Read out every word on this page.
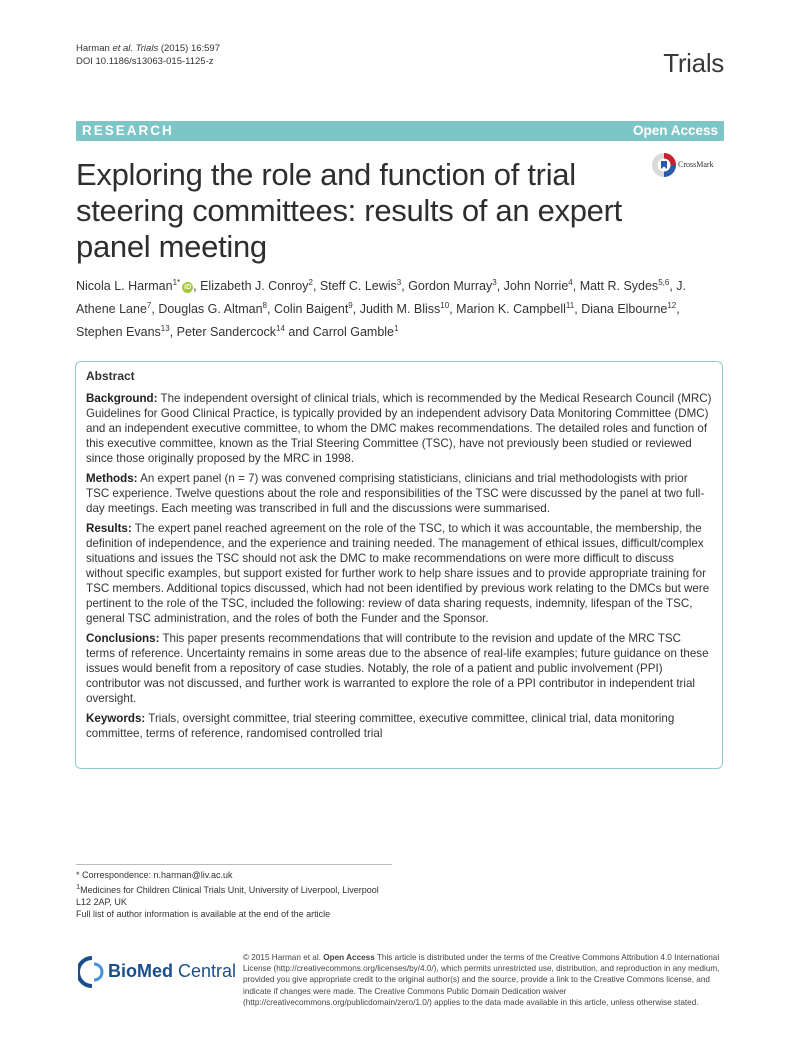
Harman et al. Trials (2015) 16:597
DOI 10.1186/s13063-015-1125-z	Trials
RESEARCH	Open Access
Exploring the role and function of trial steering committees: results of an expert panel meeting
CrossMark
Nicola L. Harman$^{1*}$iD , Elizabeth J. Conroy$^2$, Steff C. Lewis$^3$, Gordon Murray$^3$, John Norrie$^4$, Matt R. Sydes$^{5,6}$, J. Athene Lane$^7$, Douglas G. Altman$^8$, Colin Baigent$^9$, Judith M. Bliss$^{10}$, Marion K. Campbell$^{11}$, Diana Elbourne$^{12}$, Stephen Evans$^{13}$, Peter Sandercock$^{14}$ and Carrol Gamble$^1$
Abstract

Background: The independent oversight of clinical trials, which is recommended by the Medical Research Council (MRC) Guidelines for Good Clinical Practice, is typically provided by an independent advisory Data Monitoring Committee (DMC) and an independent executive committee, to whom the DMC makes recommendations. The detailed roles and function of this executive committee, known as the Trial Steering Committee (TSC), have not previously been studied or reviewed since those originally proposed by the MRC in 1998.

Methods: An expert panel (n = 7) was convened comprising statisticians, clinicians and trial methodologists with prior TSC experience. Twelve questions about the role and responsibilities of the TSC were discussed by the panel at two full-day meetings. Each meeting was transcribed in full and the discussions were summarised.

Results: The expert panel reached agreement on the role of the TSC, to which it was accountable, the membership, the definition of independence, and the experience and training needed. The management of ethical issues, difficult/complex situations and issues the TSC should not ask the DMC to make recommendations on were more difficult to discuss without specific examples, but support existed for further work to help share issues and to provide appropriate training for TSC members. Additional topics discussed, which had not been identified by previous work relating to the DMCs but were pertinent to the role of the TSC, included the following: review of data sharing requests, indemnity, lifespan of the TSC, general TSC administration, and the roles of both the Funder and the Sponsor.

Conclusions: This paper presents recommendations that will contribute to the revision and update of the MRC TSC terms of reference. Uncertainty remains in some areas due to the absence of real-life examples; future guidance on these issues would benefit from a repository of case studies. Notably, the role of a patient and public involvement (PPI) contributor was not discussed, and further work is warranted to explore the role of a PPI contributor in independent trial oversight.

Keywords: Trials, oversight committee, trial steering committee, executive committee, clinical trial, data monitoring committee, terms of reference, randomised controlled trial

* Correspondence: n.harman@liv.ac.uk
$^1$Medicines for Children Clinical Trials Unit, University of Liverpool, Liverpool L12 2AP, UK
Full list of author information is available at the end of the article
BioMed Central
© 2015 Harman et al. Open Access This article is distributed under the terms of the Creative Commons Attribution 4.0 International License (http://creativecommons.org/licenses/by/4.0/), which permits unrestricted use, distribution, and reproduction in any medium, provided you give appropriate credit to the original author(s) and the source, provide a link to the Creative Commons license, and indicate if changes were made. The Creative Commons Public Domain Dedication waiver (http://creativecommons.org/publicdomain/zero/1.0/) applies to the data made available in this article, unless otherwise stated.
